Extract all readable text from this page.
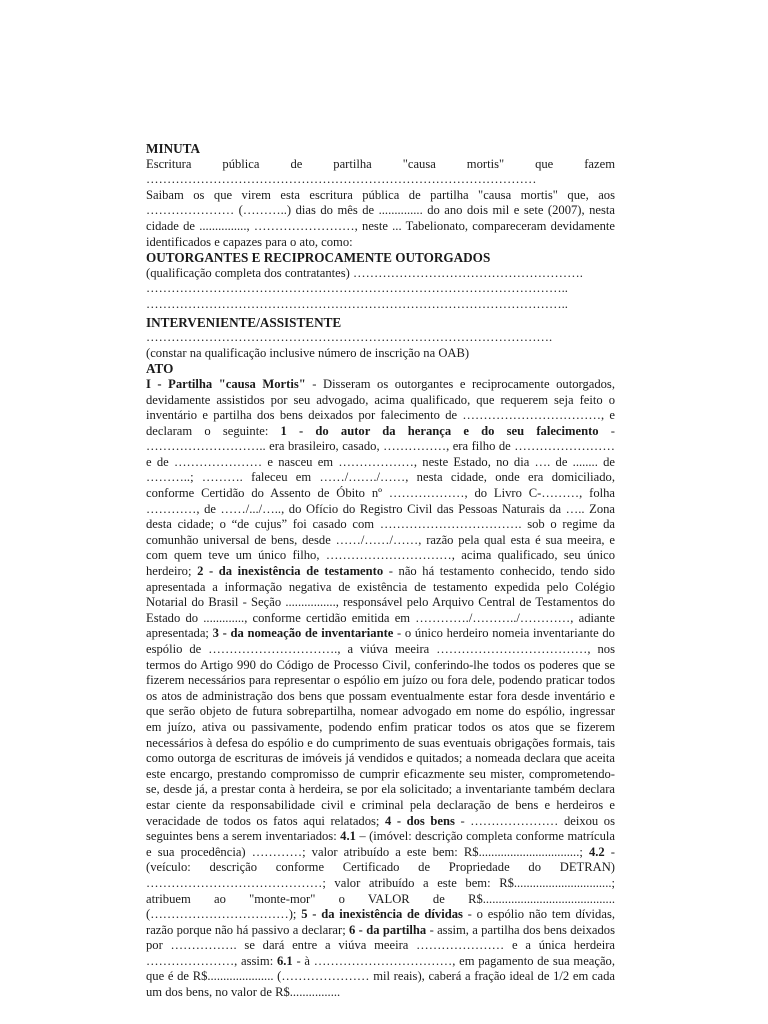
MINUTA

Escritura pública de partilha "causa mortis" que fazem …………………………………………………………………………………

Saibam os que virem esta escritura pública de partilha "causa mortis" que, aos ………………… (………..) dias do mês de .............. do ano dois mil e sete (2007), nesta cidade de ..............., ……………………, neste ... Tabelionato, compareceram devidamente identificados e capazes para o ato, como:

OUTORGANTES E RECIPROCAMENTE OUTORGADOS

(qualificação completa dos contratantes) ……………………………………………….

………………………………………………………………………………………..

………………………………………………………………………………………..

INTERVENIENTE/ASSISTENTE

…………………………………………………………………………………….

(constar na qualificação inclusive número de inscrição na OAB)

ATO

I - Partilha "causa Mortis" - Disseram os outorgantes e reciprocamente outorgados, devidamente assistidos por seu advogado, acima qualificado, que requerem seja feito o inventário e partilha dos bens deixados por falecimento de ……………………………, e declaram o seguinte: 1 - do autor da herança e do seu falecimento - ……………………….. era brasileiro, casado, ……………, era filho de …………………… e de ………………… e nasceu em ………………, neste Estado, no dia …. de ........ de ………..; ………. faleceu em ……/……./……, nesta cidade, onde era domiciliado, conforme Certidão do Assento de Óbito nº ………………, do Livro C-………, folha …………, de ……/.../….., do Ofício do Registro Civil das Pessoas Naturais da ….. Zona desta cidade; o “de cujus” foi casado com ……………………………. sob o regime da comunhão universal de bens, desde ……/……/……, razão pela qual esta é sua meeira, e com quem teve um único filho, …………………………, acima qualificado, seu único herdeiro; 2 - da inexistência de testamento - não há testamento conhecido, tendo sido apresentada a informação negativa de existência de testamento expedida pelo Colégio Notarial do Brasil - Seção ................, responsável pelo Arquivo Central de Testamentos do Estado do ............., conforme certidão emitida em …………./………../…………, adiante apresentada; 3 - da nomeação de inventariante - o único herdeiro nomeia inventariante do espólio de …………………………., a viúva meeira ………………………………, nos termos do Artigo 990 do Código de Processo Civil, conferindo-lhe todos os poderes que se fizerem necessários para representar o espólio em juízo ou fora dele, podendo praticar todos os atos de administração dos bens que possam eventualmente estar fora desde inventário e que serão objeto de futura sobrepartilha, nomear advogado em nome do espólio, ingressar em juízo, ativa ou passivamente, podendo enfim praticar todos os atos que se fizerem necessários à defesa do espólio e do cumprimento de suas eventuais obrigações formais, tais como outorga de escrituras de imóveis já vendidos e quitados; a nomeada declara que aceita este encargo, prestando compromisso de cumprir eficazmente seu mister, comprometendo-se, desde já, a prestar conta à herdeira, se por ela solicitado; a inventariante também declara estar ciente da responsabilidade civil e criminal pela declaração de bens e herdeiros e veracidade de todos os fatos aqui relatados; 4 - dos bens - ………………… deixou os seguintes bens a serem inventariados: 4.1 – (imóvel: descrição completa conforme matrícula e sua procedência) …………; valor atribuído a este bem: R$................................; 4.2 - (veículo: descrição conforme Certificado de Propriedade do DETRAN) ……………………………………; valor atribuído a este bem: R$...............................; atribuem ao "monte-mor" o VALOR de R$.......................................... (……………………………); 5 - da inexistência de dívidas - o espólio não tem dívidas, razão porque não há passivo a declarar; 6 - da partilha - assim, a partilha dos bens deixados por ……………. se dará entre a viúva meeira ………………… e a única herdeira …………………, assim: 6.1 - à ……………………………, em pagamento de sua meação, que é de R$..................... (………………… mil reais), caberá a fração ideal de 1/2 em cada um dos bens, no valor de R$................
